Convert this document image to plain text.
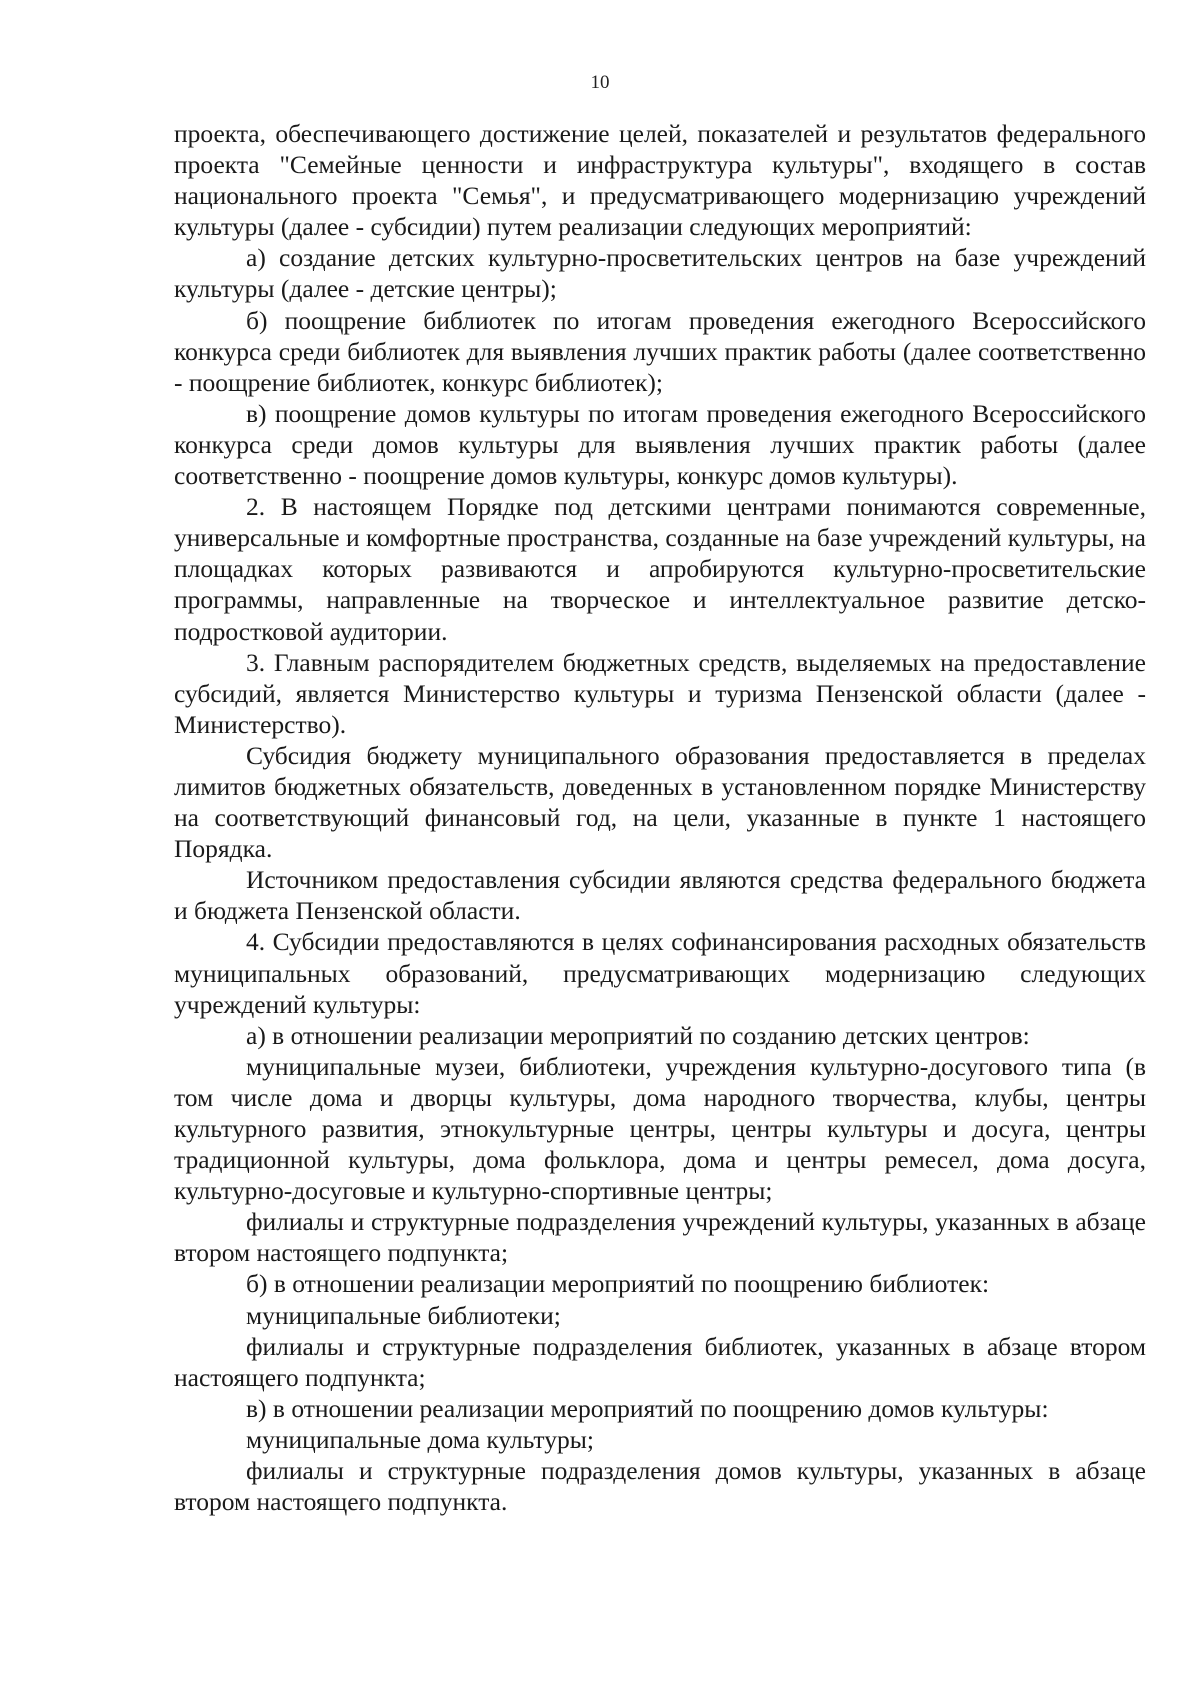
10

проекта, обеспечивающего достижение целей, показателей и результатов федерального проекта "Семейные ценности и инфраструктура культуры", входящего в состав национального проекта "Семья", и предусматривающего модернизацию учреждений культуры (далее - субсидии) путем реализации следующих мероприятий:

а) создание детских культурно-просветительских центров на базе учреждений культуры (далее - детские центры);

б) поощрение библиотек по итогам проведения ежегодного Всероссийского конкурса среди библиотек для выявления лучших практик работы (далее соответственно - поощрение библиотек, конкурс библиотек);

в) поощрение домов культуры по итогам проведения ежегодного Всероссийского конкурса среди домов культуры для выявления лучших практик работы (далее соответственно - поощрение домов культуры, конкурс домов культуры).

2. В настоящем Порядке под детскими центрами понимаются современные, универсальные и комфортные пространства, созданные на базе учреждений культуры, на площадках которых развиваются и апробируются культурно-просветительские программы, направленные на творческое и интеллектуальное развитие детско-подростковой аудитории.

3. Главным распорядителем бюджетных средств, выделяемых на предоставление субсидий, является Министерство культуры и туризма Пензенской области (далее - Министерство).

Субсидия бюджету муниципального образования предоставляется в пределах лимитов бюджетных обязательств, доведенных в установленном порядке Министерству на соответствующий финансовый год, на цели, указанные в пункте 1 настоящего Порядка.

Источником предоставления субсидии являются средства федерального бюджета и бюджета Пензенской области.

4. Субсидии предоставляются в целях софинансирования расходных обязательств муниципальных образований, предусматривающих модернизацию следующих учреждений культуры:

а) в отношении реализации мероприятий по созданию детских центров:

муниципальные музеи, библиотеки, учреждения культурно-досугового типа (в том числе дома и дворцы культуры, дома народного творчества, клубы, центры культурного развития, этнокультурные центры, центры культуры и досуга, центры традиционной культуры, дома фольклора, дома и центры ремесел, дома досуга, культурно-досуговые и культурно-спортивные центры;

филиалы и структурные подразделения учреждений культуры, указанных в абзаце втором настоящего подпункта;

б) в отношении реализации мероприятий по поощрению библиотек:

муниципальные библиотеки;

филиалы и структурные подразделения библиотек, указанных в абзаце втором настоящего подпункта;

в) в отношении реализации мероприятий по поощрению домов культуры:

муниципальные дома культуры;

филиалы и структурные подразделения домов культуры, указанных в абзаце втором настоящего подпункта.
